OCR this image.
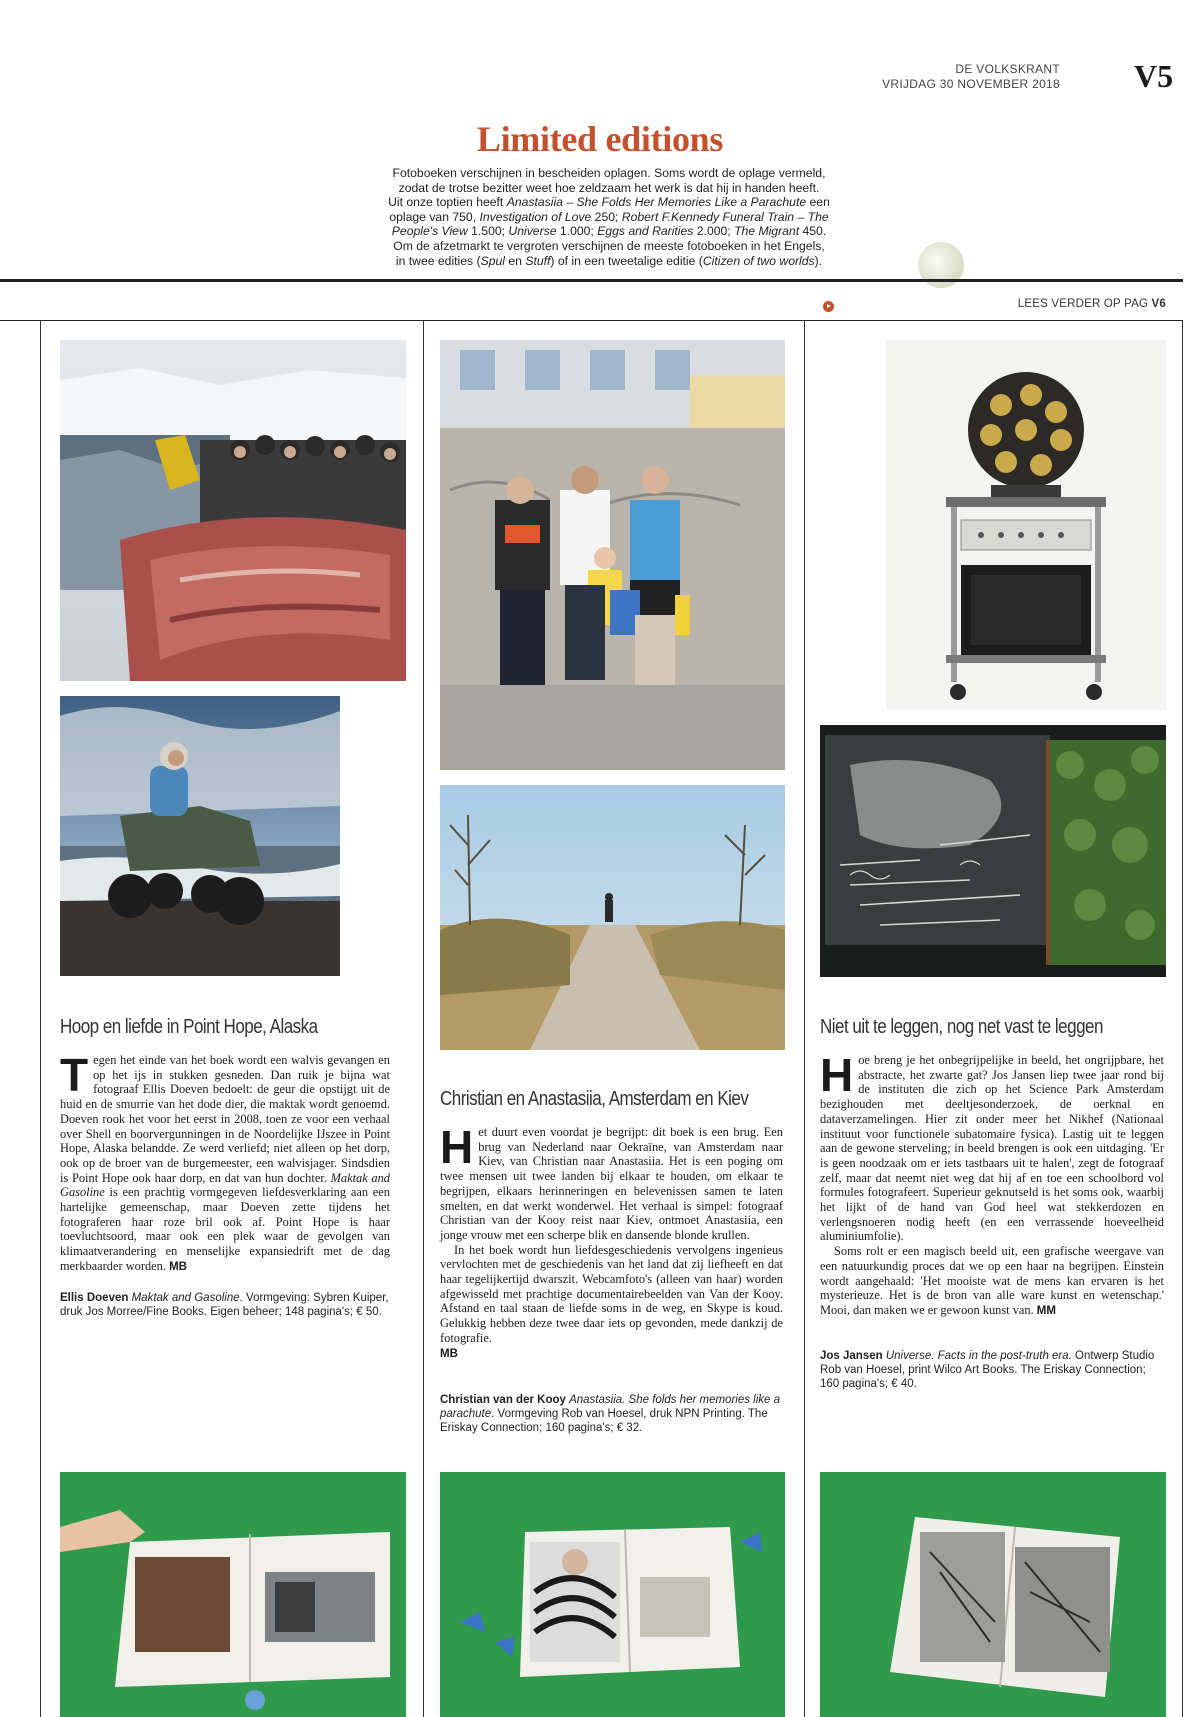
DE VOLKSKRANT
VRIJDAG 30 NOVEMBER 2018 V5
Limited editions

Fotoboeken verschijnen in bescheiden oplagen. Soms wordt de oplage vermeld,

zodat de trotse bezitter weet hoe zeldzaam het werk is dat hij in handen heeft.

Uit onze toptien heeft Anastasiia – She Folds Her Memories Like a Parachute een

oplage van 750, Investigation of Love 250; Robert F.Kennedy Funeral Train – The

People's View 1.500; Universe 1.000; Eggs and Rarities 2.000; The Migrant 450.

Om de afzetmarkt te vergroten verschijnen de meeste fotoboeken in het Engels,

in twee edities (Spul en Stuff) of in een tweetalige editie (Citizen of two worlds).

LEES VERDER OP PAG V6
Hoop en liefde in Point Hope, Alaska
T egen het einde van het boek wordt een walvis gevangen en op het ijs in stukken gesneden. Dan ruik je bijna wat fotograaf Ellis Doeven bedoelt: de geur die opstijgt uit de huid en de smurrie van het dode dier, die maktak wordt genoemd. Doeven rook het voor het eerst in 2008, toen ze voor een verhaal over Shell en boorvergunningen in de Noordelijke IJszee in Point Hope, Alaska belandde. Ze werd verliefd; niet alleen op het dorp, ook op de broer van de burgemeester, een walvisjager. Sindsdien is Point Hope ook haar dorp, en dat van hun dochter. Maktak and Gasoline is een prachtig vormgegeven liefdesverklaring aan een hartelijke gemeenschap, maar Doeven zette tijdens het fotograferen haar roze bril ook af. Point Hope is haar toevluchtsoord, maar ook een plek waar de gevolgen van klimaatverandering en menselijke expansiedrift met de dag merkbaarder worden. MB

Ellis Doeven Maktak and Gasoline. Vormgeving: Sybren Kuiper, druk Jos Morree/Fine Books. Eigen beheer; 148 pagina's; € 50.
Christian en Anastasiia, Amsterdam en Kiev
H et duurt even voordat je begrijpt: dit boek is een brug. Een brug van Nederland naar Oekraïne, van Amsterdam naar Kiev, van Christian naar Anastasiia. Het is een poging om twee mensen uit twee landen bij elkaar te houden, om elkaar te begrijpen, elkaars herinneringen en belevenissen samen te laten smelten, en dat werkt wonderwel. Het verhaal is simpel: fotograaf Christian van der Kooy reist naar Kiev, ontmoet Anastasiia, een jonge vrouw met een scherpe blik en dansende blonde krullen.

In het boek wordt hun liefdesgeschiedenis vervolgens ingenieus vervlochten met de geschiedenis van het land dat zij liefheeft en dat haar tegelijkertijd dwarszit. Webcamfoto's (alleen van haar) worden afgewisseld met prachtige documentairebeelden van Van der Kooy. Afstand en taal staan de liefde soms in de weg, en Skype is koud. Gelukkig hebben deze twee daar iets op gevonden, mede dankzij de fotografie.
MB

Christian van der Kooy Anastasiia. She folds her memories like a parachute. Vormgeving Rob van Hoesel, druk NPN Printing. The Eriskay Connection; 160 pagina's; € 32.
Niet uit te leggen, nog net vast te leggen
H oe breng je het onbegrijpelijke in beeld, het ongrijpbare, het abstracte, het zwarte gat? Jos Jansen liep twee jaar rond bij de instituten die zich op het Science Park Amsterdam bezighouden met deeltjesonderzoek, de oerknal en dataverzamelingen. Hier zit onder meer het Nikhef (Nationaal instituut voor functionele subatomaire fysica). Lastig uit te leggen aan de gewone sterveling; in beeld brengen is ook een uitdaging. 'Er is geen noodzaak om er iets tastbaars uit te halen', zegt de fotograaf zelf, maar dat neemt niet weg dat hij af en toe een schoolbord vol formules fotografeert. Superieur geknutseld is het soms ook, waarbij het lijkt of de hand van God heel wat stekkerdozen en verlengsnoeren nodig heeft (en een verrassende hoeveelheid aluminiumfolie).

Soms rolt er een magisch beeld uit, een grafische weergave van een natuurkundig proces dat we op een haar na begrijpen. Einstein wordt aangehaald: 'Het mooiste wat de mens kan ervaren is het mysterieuze. Het is de bron van alle ware kunst en wetenschap.' Mooi, dan maken we er gewoon kunst van. MM

Jos Jansen Universe. Facts in the post-truth era. Ontwerp Studio Rob van Hoesel, print Wilco Art Books. The Eriskay Connection; 160 pagina's; € 40.
